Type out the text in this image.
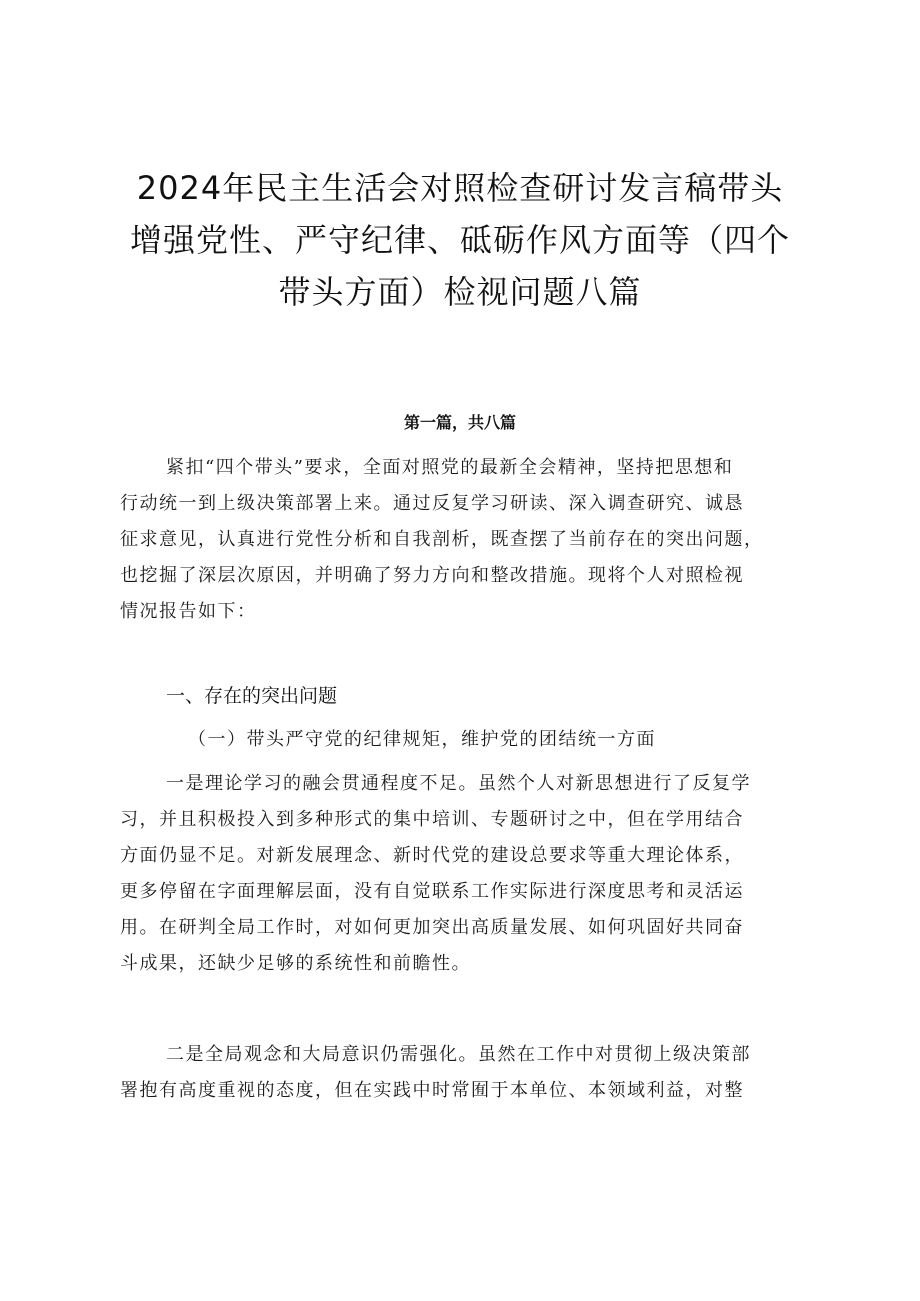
2024年民主生活会对照检查研讨发言稿带头
增强党性、严守纪律、砥砺作风方面等（四个
带头方面）检视问题八篇
第一篇，共八篇
紧扣“四个带头”要求，全面对照党的最新全会精神，坚持把思想和
行动统一到上级决策部署上来。通过反复学习研读、深入调查研究、诚恳
征求意见，认真进行党性分析和自我剖析，既查摆了当前存在的突出问题，
也挖掘了深层次原因，并明确了努力方向和整改措施。现将个人对照检视
情况报告如下：
一、存在的突出问题
（一）带头严守党的纪律规矩，维护党的团结统一方面
一是理论学习的融会贯通程度不足。虽然个人对新思想进行了反复学
习，并且积极投入到多种形式的集中培训、专题研讨之中，但在学用结合
方面仍显不足。对新发展理念、新时代党的建设总要求等重大理论体系，
更多停留在字面理解层面，没有自觉联系工作实际进行深度思考和灵活运
用。在研判全局工作时，对如何更加突出高质量发展、如何巩固好共同奋
斗成果，还缺少足够的系统性和前瞻性。
二是全局观念和大局意识仍需强化。虽然在工作中对贯彻上级决策部
署抱有高度重视的态度，但在实践中时常囿于本单位、本领域利益，对整
